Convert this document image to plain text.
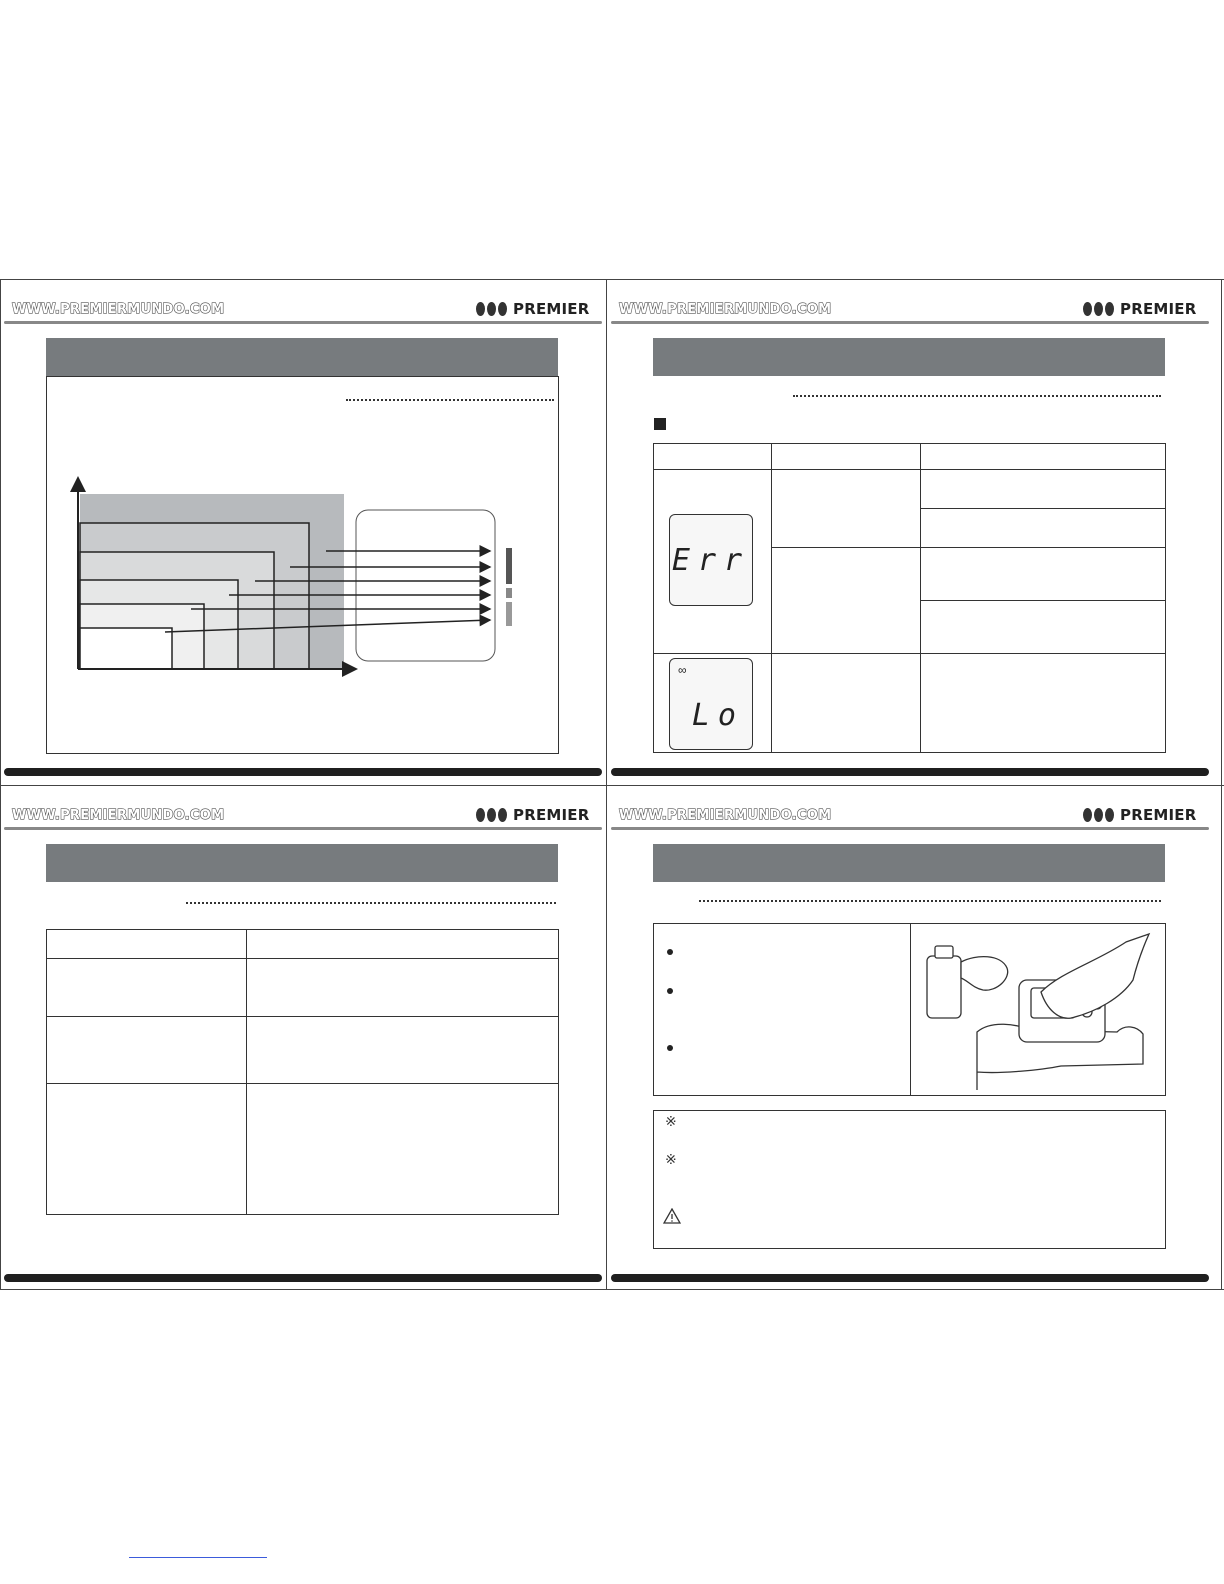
WWW.PREMIERMUNDO.COM	PREMIER WWW.PREMIERMUNDO.COM	PREMIER
Err
∞
Lo
WWW.PREMIERMUNDO.COM	PREMIER WWW.PREMIERMUNDO.COM	PREMIER
※
※
